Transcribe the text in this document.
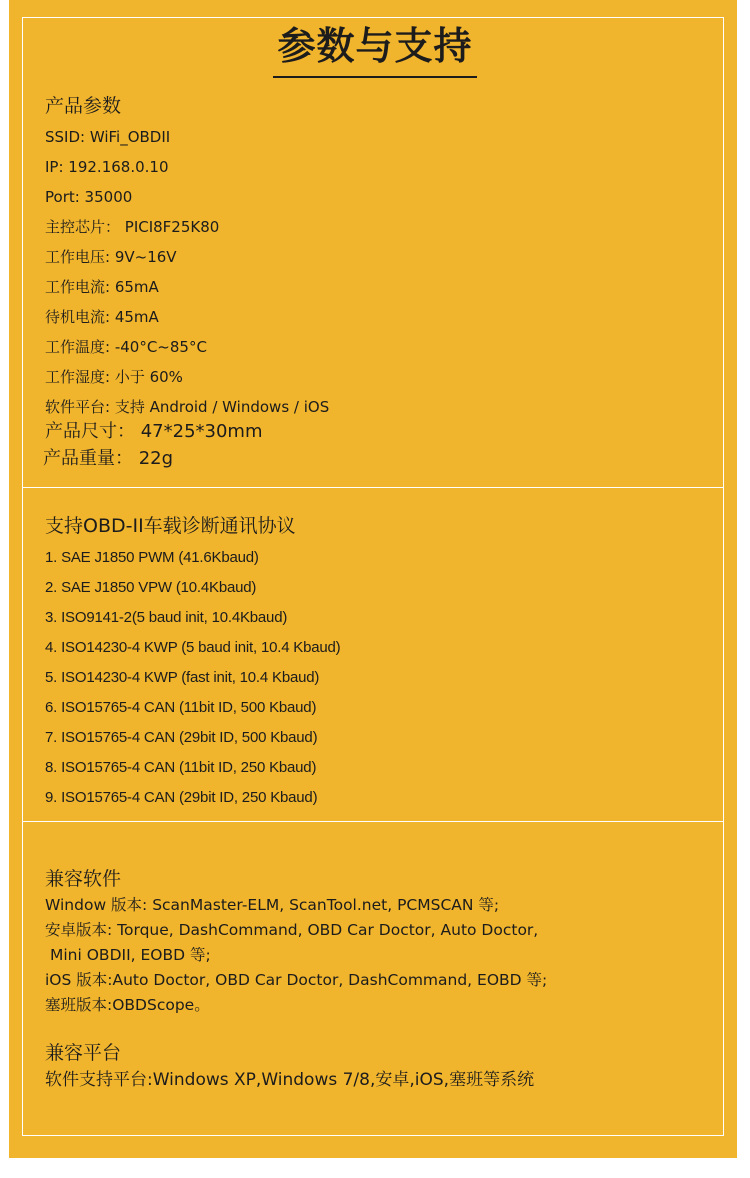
参数与支持
产品参数
SSID: WiFi_OBDII
IP: 192.168.0.10
Port: 35000
主控芯片： PICI8F25K80
工作电压: 9V~16V
工作电流: 65mA
待机电流: 45mA
工作温度: -40°C~85°C
工作湿度: 小于 60%
软件平台: 支持 Android / Windows / iOS
产品尺寸： 47*25*30mm
产品重量： 22g
支持OBD-II车载诊断通讯协议
1. SAE J1850 PWM (41.6Kbaud)
2. SAE J1850 VPW (10.4Kbaud)
3. ISO9141-2(5 baud init, 10.4Kbaud)
4. ISO14230-4 KWP (5 baud init, 10.4 Kbaud)
5. ISO14230-4 KWP (fast init, 10.4 Kbaud)
6. ISO15765-4 CAN (11bit ID, 500 Kbaud)
7. ISO15765-4 CAN (29bit ID, 500 Kbaud)
8. ISO15765-4 CAN (11bit ID, 250 Kbaud)
9. ISO15765-4 CAN (29bit ID, 250 Kbaud)
兼容软件
Window 版本: ScanMaster-ELM, ScanTool.net, PCMSCAN 等;
安卓版本: Torque, DashCommand, OBD Car Doctor, Auto Doctor,
Mini OBDII, EOBD 等;
iOS 版本:Auto Doctor, OBD Car Doctor, DashCommand, EOBD 等;
塞班版本:OBDScope。
兼容平台
软件支持平台:Windows XP,Windows 7/8,安卓,iOS,塞班等系统
